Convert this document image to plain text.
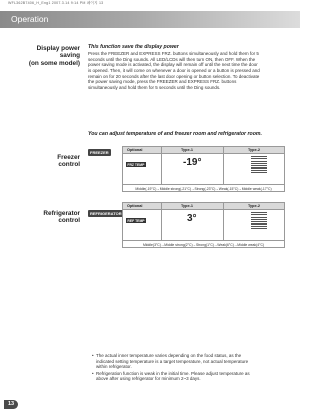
WFL362B7406_H_Eng1 2007.3.14 9:14 PM 페이지 13
Operation
Display power
saving
(on some model)
This function save the display power
Press the FREEZER and EXPRESS FRZ. buttons simultaneously and hold them for 5
seconds until the Ding sounds. All LED/LCDs will then turn ON, then OFF. When the
power saving mode is activated, the display will remain off until the next time the door
is opened. Then, it will come on whenever a door is opened or a button is pressed and
remain on for 20 seconds after the last door opening or button selection. To deactivate
the power saving mode, press the FREEZER and EXPRESS FRZ. buttons
simultaneously and hold them for 5 seconds until the Ding sounds.
You can adjust temperature of and freezer room and refrigerator room.
Freezer
control
FREEZER	Optional	Type-1	Type-2
FRZ TEMP	-19°
Middle(-19°C)→Middle strong(-21°C)→Strong(-23°C)→Weak(-15°C)→Middle weak(-17°C)
Refrigerator
control
REFRIGERATOR
Optional	Type-1	Type-2
REF TEMP	3°
Middle(3°C)→Middle strong(2°C)→Strong(1°C)→Weak(6°C)→Middle weak(4°C)
• The actual inner temperature varies depending on the food status, as the
indicated setting temperature is a target temperature, not actual temperature
within refrigerator.
• Refrigeration function is weak in the initial time. Please adjust temperature as
above after using refrigerator for minimum 2~3 days.
13
